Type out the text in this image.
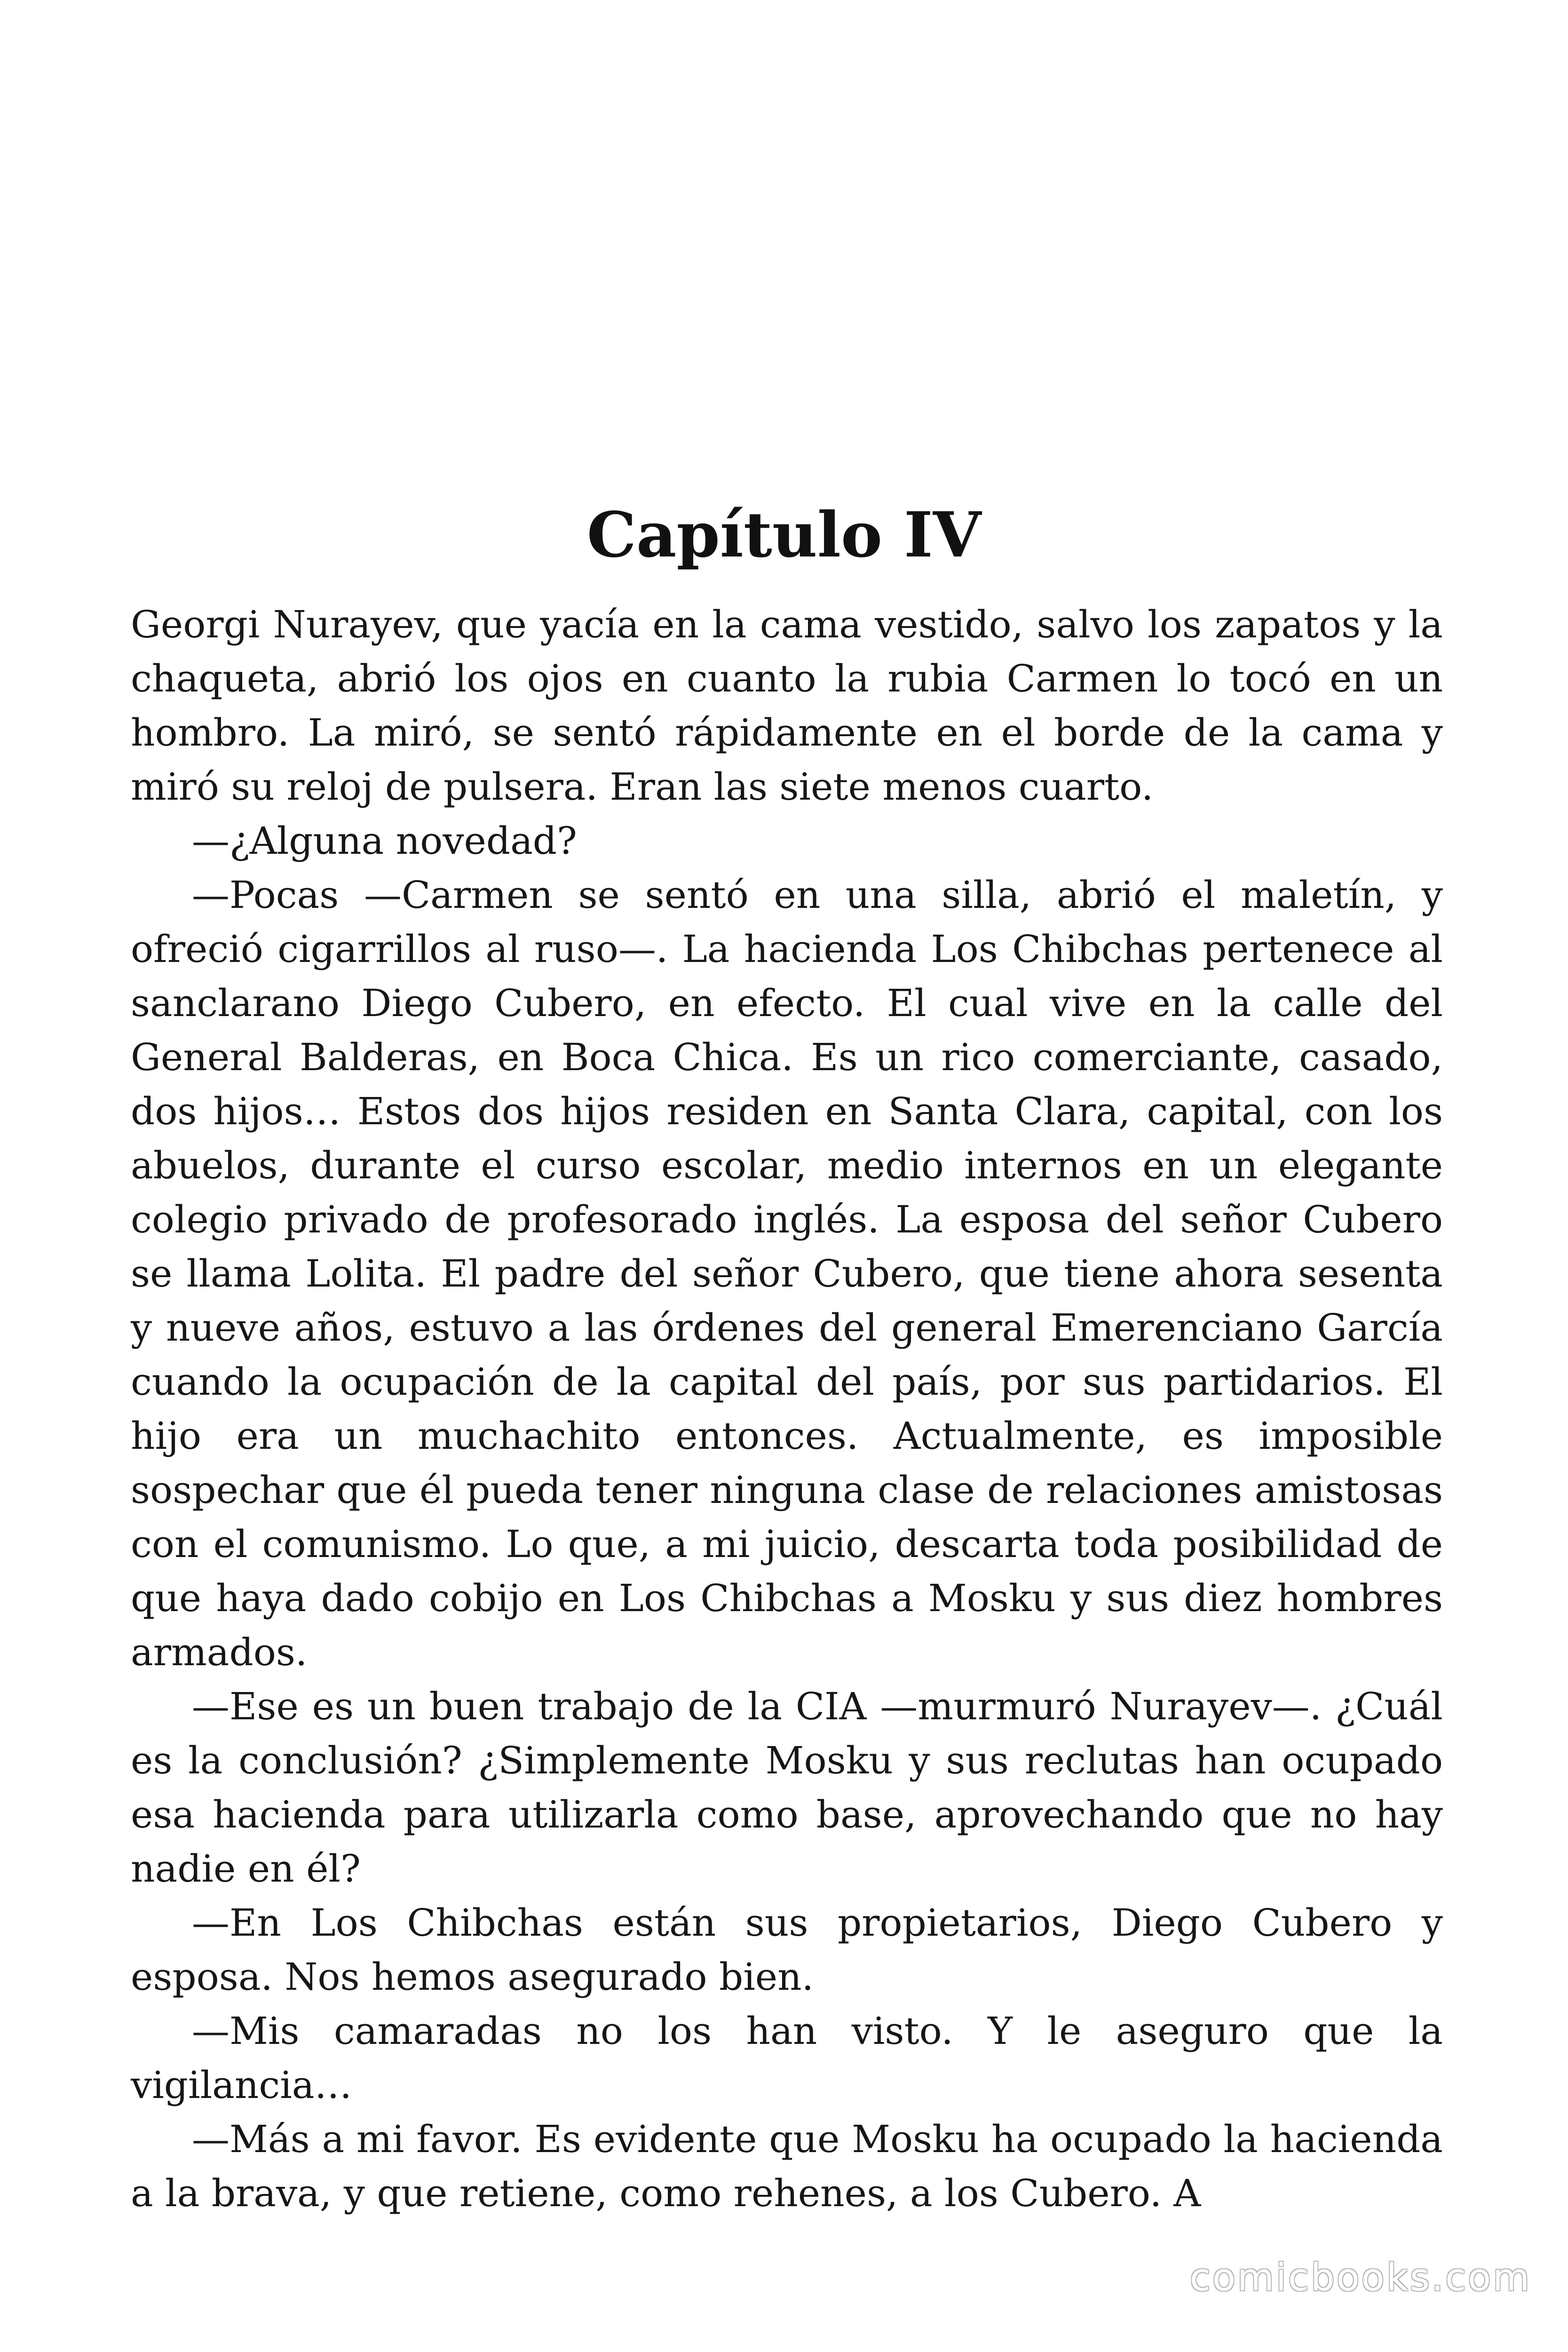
Capítulo IV

Georgi Nurayev, que yacía en la cama vestido, salvo los zapatos y la chaqueta, abrió los ojos en cuanto la rubia Carmen lo tocó en un hombro. La miró, se sentó rápidamente en el borde de la cama y miró su reloj de pulsera. Eran las siete menos cuarto.

—¿Alguna novedad?

—Pocas —Carmen se sentó en una silla, abrió el maletín, y ofreció cigarrillos al ruso—. La hacienda Los Chibchas pertenece al sanclarano Diego Cubero, en efecto. El cual vive en la calle del General Balderas, en Boca Chica. Es un rico comerciante, casado, dos hijos… Estos dos hijos residen en Santa Clara, capital, con los abuelos, durante el curso escolar, medio internos en un elegante colegio privado de profesorado inglés. La esposa del señor Cubero se llama Lolita. El padre del señor Cubero, que tiene ahora sesenta y nueve años, estuvo a las órdenes del general Emerenciano García cuando la ocupación de la capital del país, por sus partidarios. El hijo era un muchachito entonces. Actualmente, es imposible sospechar que él pueda tener ninguna clase de relaciones amistosas con el comunismo. Lo que, a mi juicio, descarta toda posibilidad de que haya dado cobijo en Los Chibchas a Mosku y sus diez hombres armados.

—Ese es un buen trabajo de la CIA —murmuró Nurayev—. ¿Cuál es la conclusión? ¿Simplemente Mosku y sus reclutas han ocupado esa hacienda para utilizarla como base, aprovechando que no hay nadie en él?

—En Los Chibchas están sus propietarios, Diego Cubero y esposa. Nos hemos asegurado bien.

—Mis camaradas no los han visto. Y le aseguro que la vigilancia…

—Más a mi favor. Es evidente que Mosku ha ocupado la hacienda a la brava, y que retiene, como rehenes, a los Cubero. A

comicbooks.com
